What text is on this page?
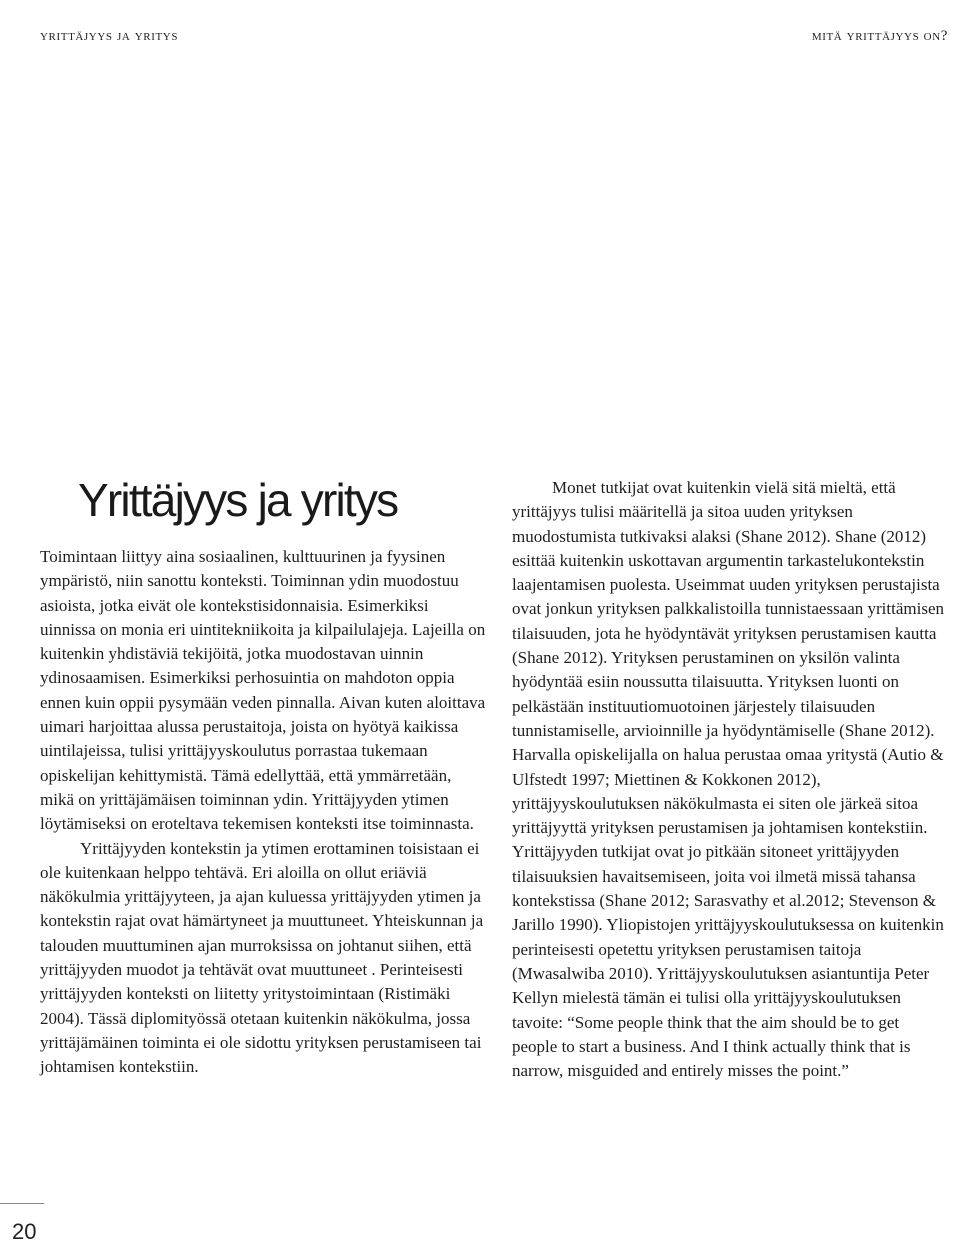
yrittäjyys ja yritys	mitä yrittäjyys on?
Yrittäjyys ja yritys

Toimintaan liittyy aina sosiaalinen, kulttuurinen ja fyysinen ympäristö, niin sanottu konteksti. Toiminnan ydin muodostuu asioista, jotka eivät ole kontekstisidonnaisia. Esimerkiksi uinnissa on monia eri uintitekniikoita ja kilpailulajeja. Lajeilla on kuitenkin yhdistäviä tekijöitä, jotka muodostavan uinnin ydinosaamisen. Esimerkiksi perhosuintia on mahdoton oppia ennen kuin oppii pysymään veden pinnalla. Aivan kuten aloittava uimari harjoittaa alussa perustaitoja, joista on hyötyä kaikissa uintilajeissa, tulisi yrittäjyyskoulutus porrastaa tukemaan opiskelijan kehittymistä. Tämä edellyttää, että ymmärretään, mikä on yrittäjämäisen toiminnan ydin. Yrittäjyyden ytimen löytämiseksi on eroteltava tekemisen konteksti itse toiminnasta.

Yrittäjyyden kontekstin ja ytimen erottaminen toisistaan ei ole kuitenkaan helppo tehtävä. Eri aloilla on ollut eriäviä näkökulmia yrittäjyyteen, ja ajan kuluessa yrittäjyyden ytimen ja kontekstin rajat ovat hämärtyneet ja muuttuneet. Yhteiskunnan ja talouden muuttuminen ajan murroksissa on johtanut siihen, että yrittäjyyden muodot ja tehtävät ovat muuttuneet . Perinteisesti yrittäjyyden konteksti on liitetty yritystoimintaan (Ristimäki 2004). Tässä diplomityössä otetaan kuitenkin näkökulma, jossa yrittäjämäinen toiminta ei ole sidottu yrityksen perustamiseen tai johtamisen kontekstiin.

Monet tutkijat ovat kuitenkin vielä sitä mieltä, että yrittäjyys tulisi määritellä ja sitoa uuden yrityksen muodostumista tutkivaksi alaksi (Shane 2012). Shane (2012) esittää kuitenkin uskottavan argumentin tarkastelukontekstin laajentamisen puolesta. Useimmat uuden yrityksen perustajista ovat jonkun yrityksen palkkalistoilla tunnistaessaan yrittämisen tilaisuuden, jota he hyödyntävät yrityksen perustamisen kautta (Shane 2012). Yrityksen perustaminen on yksilön valinta hyödyntää esiin noussutta tilaisuutta. Yrityksen luonti on pelkästään instituutiomuotoinen järjestely tilaisuuden tunnistamiselle, arvioinnille ja hyödyntämiselle (Shane 2012). Harvalla opiskelijalla on halua perustaa omaa yritystä (Autio & Ulfstedt 1997; Miettinen & Kokkonen 2012), yrittäjyyskoulutuksen näkökulmasta ei siten ole järkeä sitoa yrittäjyyttä yrityksen perustamisen ja johtamisen kontekstiin. Yrittäjyyden tutkijat ovat jo pitkään sitoneet yrittäjyyden tilaisuuksien havaitsemiseen, joita voi ilmetä missä tahansa kontekstissa (Shane 2012; Sarasvathy et al.2012; Stevenson & Jarillo 1990). Yliopistojen yrittäjyyskoulutuksessa on kuitenkin perinteisesti opetettu yrityksen perustamisen taitoja (Mwasalwiba 2010). Yrittäjyyskoulutuksen asiantuntija Peter Kellyn mielestä tämän ei tulisi olla yrittäjyyskoulutuksen tavoite: “Some people think that the aim should be to get people to start a business. And I think actually think that is narrow, misguided and entirely misses the point.”

20
